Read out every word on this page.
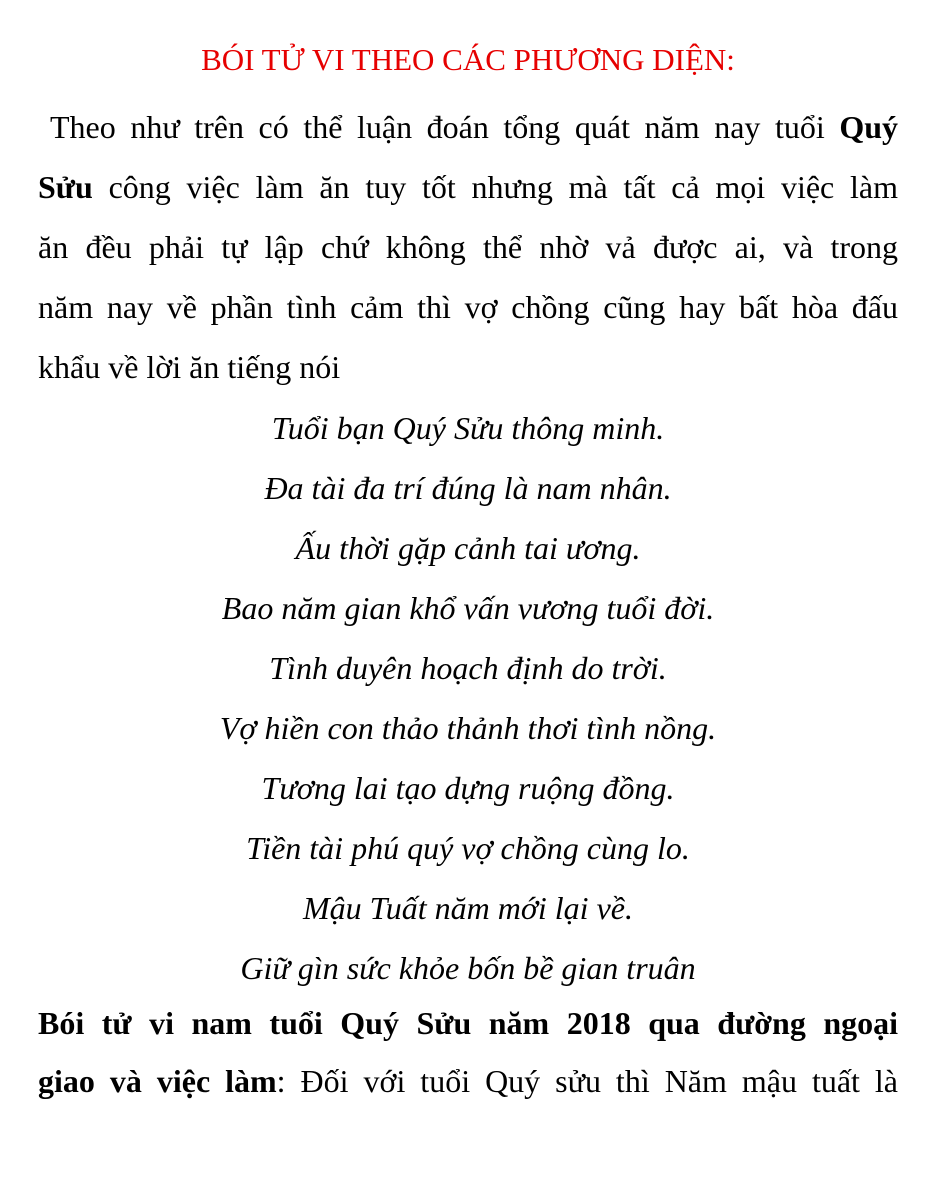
BÓI TỬ VI THEO CÁC PHƯƠNG DIỆN:
Theo như trên có thể luận đoán tổng quát năm nay tuổi Quý
Sửu công việc làm ăn tuy tốt nhưng mà tất cả mọi việc làm
ăn đều phải tự lập chứ không thể nhờ vả được ai, và trong
năm nay về phần tình cảm thì vợ chồng cũng hay bất hòa đấu
khẩu về lời ăn tiếng nói
Tuổi bạn Quý Sửu thông minh.
Đa tài đa trí đúng là nam nhân.
Ấu thời gặp cảnh tai ương.
Bao năm gian khổ vấn vương tuổi đời.
Tình duyên hoạch định do trời.
Vợ hiền con thảo thảnh thơi tình nồng.
Tương lai tạo dựng ruộng đồng.
Tiền tài phú quý vợ chồng cùng lo.
Mậu Tuất năm mới lại về.
Giữ gìn sức khỏe bốn bề gian truân
Bói tử vi nam tuổi Quý Sửu năm 2018 qua đường ngoại
giao và việc làm: Đối với tuổi Quý sửu thì Năm mậu tuất là
